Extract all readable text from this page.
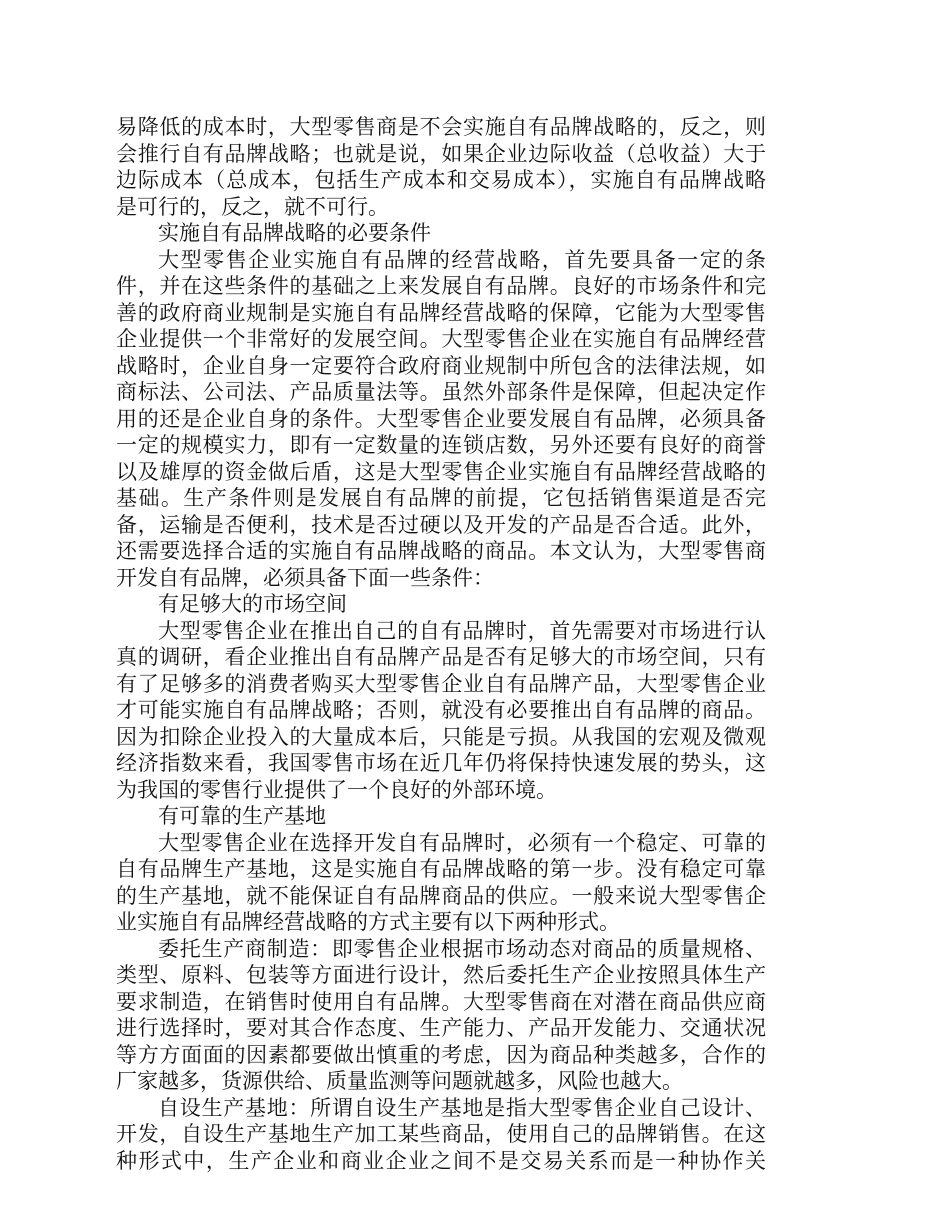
易降低的成本时，大型零售商是不会实施自有品牌战略的，反之，则
会推行自有品牌战略；也就是说，如果企业边际收益（总收益）大于
边际成本（总成本，包括生产成本和交易成本），实施自有品牌战略
是可行的，反之，就不可行。
实施自有品牌战略的必要条件
大型零售企业实施自有品牌的经营战略，首先要具备一定的条
件，并在这些条件的基础之上来发展自有品牌。良好的市场条件和完
善的政府商业规制是实施自有品牌经营战略的保障，它能为大型零售
企业提供一个非常好的发展空间。大型零售企业在实施自有品牌经营
战略时，企业自身一定要符合政府商业规制中所包含的法律法规，如
商标法、公司法、产品质量法等。虽然外部条件是保障，但起决定作
用的还是企业自身的条件。大型零售企业要发展自有品牌，必须具备
一定的规模实力，即有一定数量的连锁店数，另外还要有良好的商誉
以及雄厚的资金做后盾，这是大型零售企业实施自有品牌经营战略的
基础。生产条件则是发展自有品牌的前提，它包括销售渠道是否完
备，运输是否便利，技术是否过硬以及开发的产品是否合适。此外，
还需要选择合适的实施自有品牌战略的商品。本文认为，大型零售商
开发自有品牌，必须具备下面一些条件：
有足够大的市场空间
大型零售企业在推出自己的自有品牌时，首先需要对市场进行认
真的调研，看企业推出自有品牌产品是否有足够大的市场空间，只有
有了足够多的消费者购买大型零售企业自有品牌产品，大型零售企业
才可能实施自有品牌战略；否则，就没有必要推出自有品牌的商品。
因为扣除企业投入的大量成本后，只能是亏损。从我国的宏观及微观
经济指数来看，我国零售市场在近几年仍将保持快速发展的势头，这
为我国的零售行业提供了一个良好的外部环境。
有可靠的生产基地
大型零售企业在选择开发自有品牌时，必须有一个稳定、可靠的
自有品牌生产基地，这是实施自有品牌战略的第一步。没有稳定可靠
的生产基地，就不能保证自有品牌商品的供应。一般来说大型零售企
业实施自有品牌经营战略的方式主要有以下两种形式。
委托生产商制造：即零售企业根据市场动态对商品的质量规格、
类型、原料、包装等方面进行设计，然后委托生产企业按照具体生产
要求制造，在销售时使用自有品牌。大型零售商在对潜在商品供应商
进行选择时，要对其合作态度、生产能力、产品开发能力、交通状况
等方方面面的因素都要做出慎重的考虑，因为商品种类越多，合作的
厂家越多，货源供给、质量监测等问题就越多，风险也越大。
自设生产基地：所谓自设生产基地是指大型零售企业自己设计、
开发，自设生产基地生产加工某些商品，使用自己的品牌销售。在这
种形式中，生产企业和商业企业之间不是交易关系而是一种协作关
